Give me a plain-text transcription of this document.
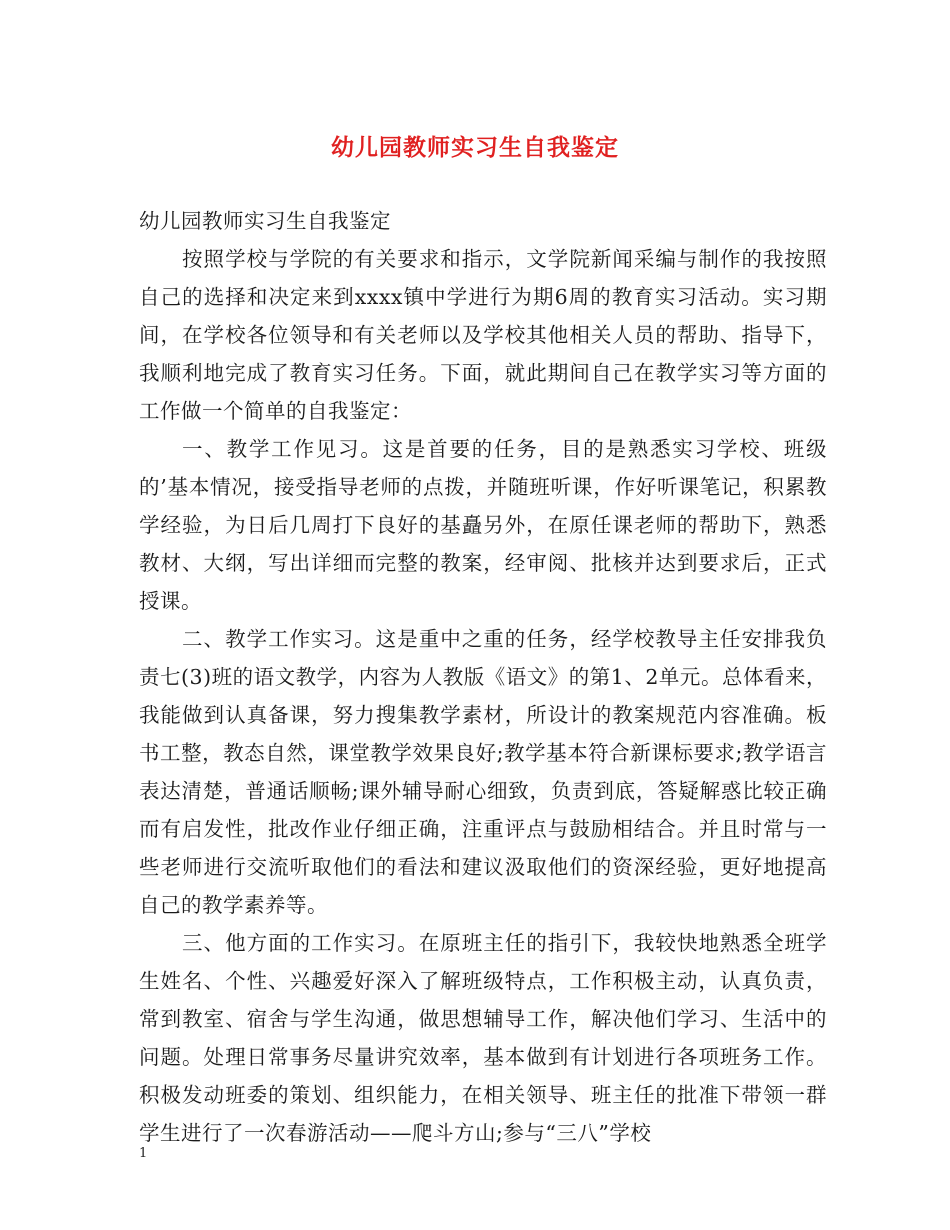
幼儿园教师实习生自我鉴定

幼儿园教师实习生自我鉴定

按照学校与学院的有关要求和指示，文学院新闻采编与制作的我按照自己的选择和决定来到xxxx镇中学进行为期6周的教育实习活动。实习期间，在学校各位领导和有关老师以及学校其他相关人员的帮助、指导下，我顺利地完成了教育实习任务。下面，就此期间自己在教学实习等方面的工作做一个简单的自我鉴定：

一、教学工作见习。这是首要的任务，目的是熟悉实习学校、班级的’基本情况，接受指导老师的点拨，并随班听课，作好听课笔记，积累教学经验，为日后几周打下良好的基矗另外，在原任课老师的帮助下，熟悉教材、大纲，写出详细而完整的教案，经审阅、批核并达到要求后，正式授课。

二、教学工作实习。这是重中之重的任务，经学校教导主任安排我负责七(3)班的语文教学，内容为人教版《语文》的第1、2单元。总体看来，我能做到认真备课，努力搜集教学素材，所设计的教案规范内容准确。板书工整，教态自然，课堂教学效果良好;教学基本符合新课标要求;教学语言表达清楚，普通话顺畅;课外辅导耐心细致，负责到底，答疑解惑比较正确而有启发性，批改作业仔细正确，注重评点与鼓励相结合。并且时常与一些老师进行交流听取他们的看法和建议汲取他们的资深经验，更好地提高自己的教学素养等。

三、他方面的工作实习。在原班主任的指引下，我较快地熟悉全班学生姓名、个性、兴趣爱好深入了解班级特点，工作积极主动，认真负责，常到教室、宿舍与学生沟通，做思想辅导工作，解决他们学习、生活中的问题。处理日常事务尽量讲究效率，基本做到有计划进行各项班务工作。积极发动班委的策划、组织能力，在相关领导、班主任的批准下带领一群学生进行了一次春游活动——爬斗方山;参与“三八”学校

1
